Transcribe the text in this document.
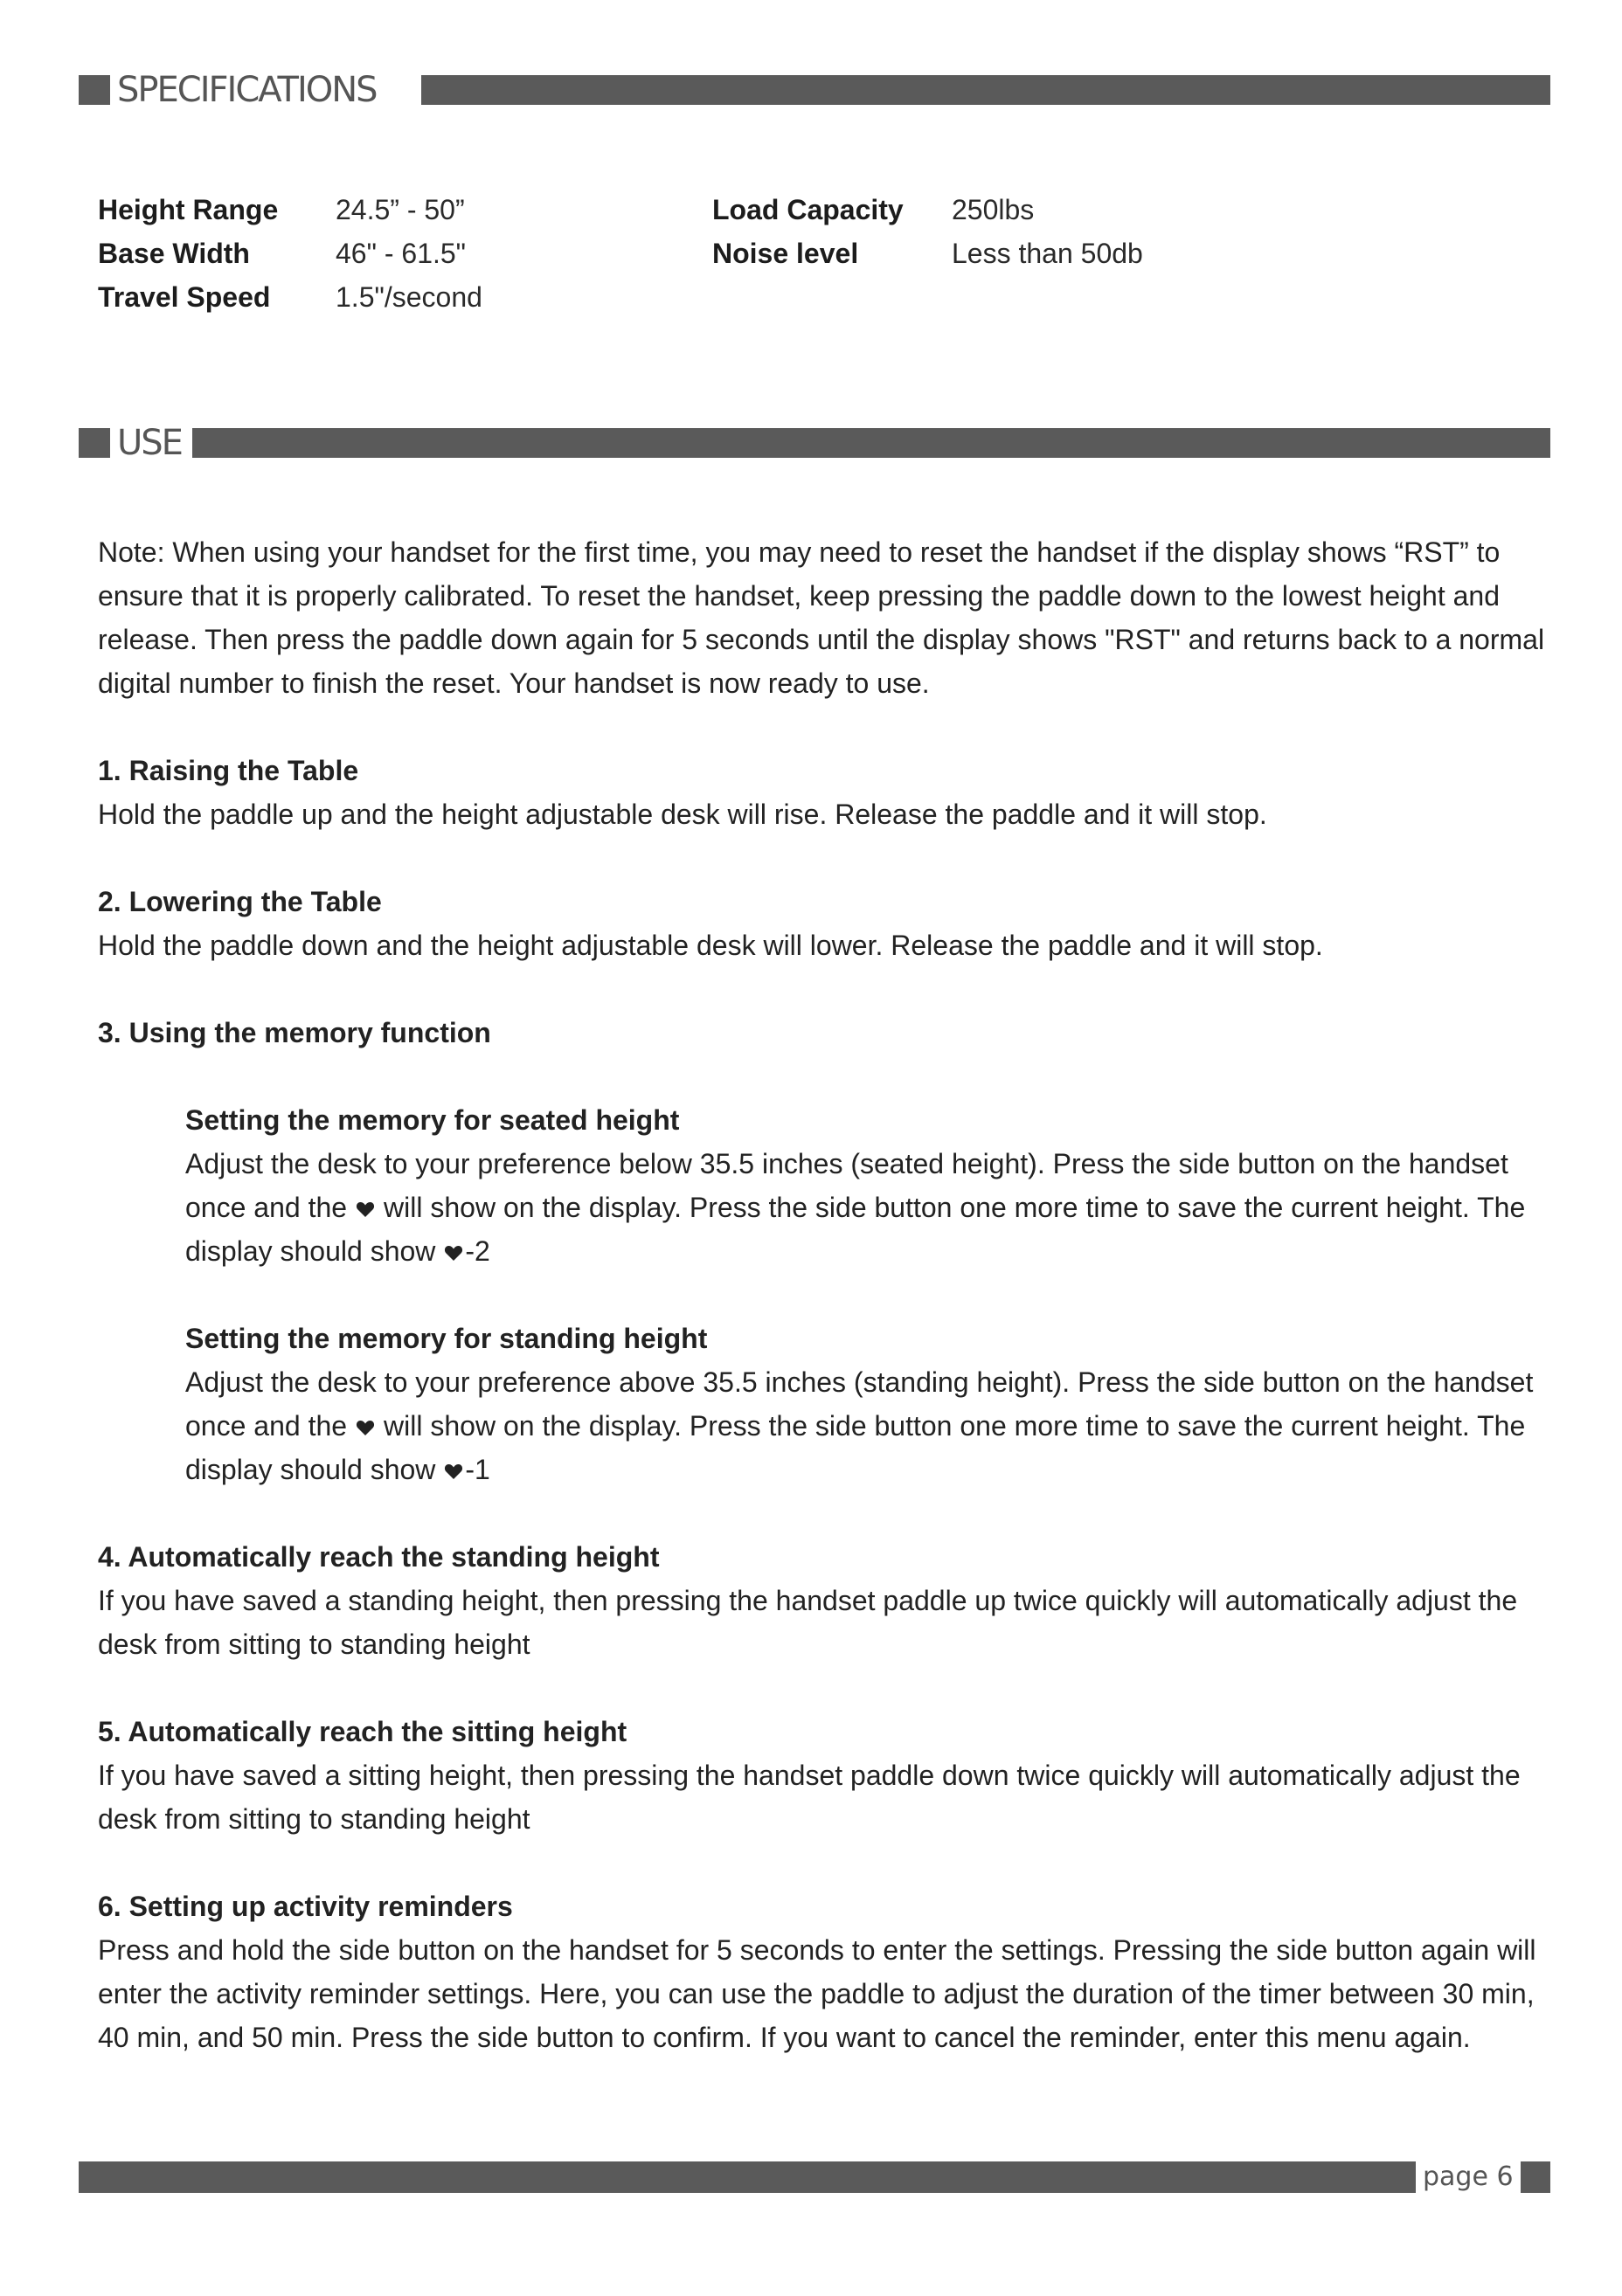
SPECIFICATIONS
Height Range 24.5” - 50”
Base Width	46" - 61.5"
Travel Speed 1.5"/second
Load Capacity 250lbs
Noise level	Less than 50db
USE

Note: When using your handset for the first time, you may need to reset the handset if the display shows “RST” to ensure that it is properly calibrated. To reset the handset, keep pressing the paddle down to the lowest height and release. Then press the paddle down again for 5 seconds until the display shows "RST" and returns back to a normal digital number to finish the reset. Your handset is now ready to use.

1. Raising the Table

Hold the paddle up and the height adjustable desk will rise. Release the paddle and it will stop.

2. Lowering the Table

Hold the paddle down and the height adjustable desk will lower. Release the paddle and it will stop.

3. Using the memory function

Setting the memory for seated height

Adjust the desk to your preference below 35.5 inches (seated height). Press the side button on the handset once and the will show on the display. Press the side button one more time to save the current height. The display should show -2

Setting the memory for standing height

Adjust the desk to your preference above 35.5 inches (standing height). Press the side button on the handset once and the will show on the display. Press the side button one more time to save the current height. The display should show -1

4. Automatically reach the standing height

If you have saved a standing height, then pressing the handset paddle up twice quickly will automatically adjust the desk from sitting to standing height

5. Automatically reach the sitting height

If you have saved a sitting height, then pressing the handset paddle down twice quickly will automatically adjust the desk from sitting to standing height

6. Setting up activity reminders

Press and hold the side button on the handset for 5 seconds to enter the settings. Pressing the side button again will enter the activity reminder settings. Here, you can use the paddle to adjust the duration of the timer between 30 min, 40 min, and 50 min. Press the side button to confirm. If you want to cancel the reminder, enter this menu again.

page 6
